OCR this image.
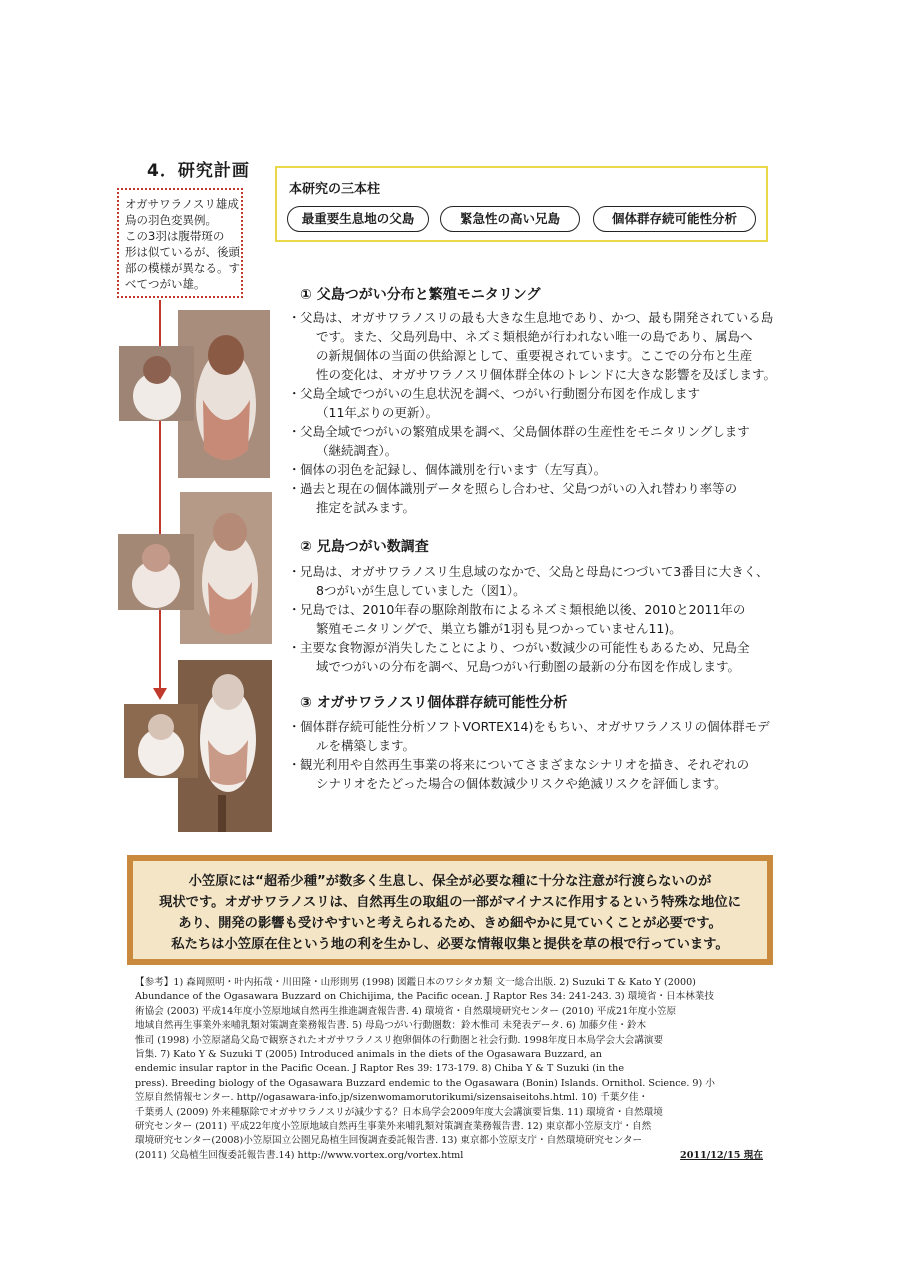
4．研究計画
オガサワラノスリ雄成
鳥の羽色変異例。
この3羽は腹帯斑の
形は似ているが、後頭
部の模様が異なる。す
べてつがい雄。
本研究の三本柱
最重要生息地の父島	緊急性の高い兄島	個体群存続可能性分析
① 父島つがい分布と繁殖モニタリング
・ 父島は、オガサワラノスリの最も大きな生息地であり、かつ、最も開発されている島
です。また、父島列島中、ネズミ類根絶が行われない唯一の島であり、属島へ
の新規個体の当面の供給源として、重要視されています。ここでの分布と生産
性の変化は、オガサワラノスリ個体群全体のトレンドに大きな影響を及ぼします。
・ 父島全域でつがいの生息状況を調べ、つがい行動圏分布図を作成します
（11年ぶりの更新）。
・ 父島全域でつがいの繁殖成果を調べ、父島個体群の生産性をモニタリングします
（継続調査）。
・ 個体の羽色を記録し、個体識別を行います（左写真）。
・ 過去と現在の個体識別データを照らし合わせ、父島つがいの入れ替わり率等の
推定を試みます。
② 兄島つがい数調査
・ 兄島は、オガサワラノスリ生息域のなかで、父島と母島につづいて3番目に大きく、
8つがいが生息していました（図1）。
・ 兄島では、2010年春の駆除剤散布によるネズミ類根絶以後、2010と2011年の
繁殖モニタリングで、巣立ち雛が1羽も見つかっていません11)。
・ 主要な食物源が消失したことにより、つがい数減少の可能性もあるため、兄島全
域でつがいの分布を調べ、兄島つがい行動圏の最新の分布図を作成します。
③ オガサワラノスリ個体群存続可能性分析
・ 個体群存続可能性分析ソフトVORTEX14)をもちい、オガサワラノスリの個体群モデ
ルを構築します。
・ 観光利用や自然再生事業の将来についてさまざまなシナリオを描き、それぞれの
シナリオをたどった場合の個体数減少リスクや絶滅リスクを評価します。
小笠原には“超希少種”が数多く生息し、保全が必要な種に十分な注意が行渡らないのが
現状です。オガサワラノスリは、自然再生の取組の一部がマイナスに作用するという特殊な地位に
あり、開発の影響も受けやすいと考えられるため、きめ細やかに見ていくことが必要です。
私たちは小笠原在住という地の利を生かし、必要な情報収集と提供を草の根で行っています。
【参考】1) 森岡照明・叶内拓哉・川田隆・山形則男 (1998) 図鑑日本のワシタカ類 文一総合出版. 2) Suzuki T & Kato Y (2000)
Abundance of the Ogasawara Buzzard on Chichijima, the Pacific ocean. J Raptor Res 34: 241-243. 3) 環境省・日本林業技
術協会 (2003) 平成14年度小笠原地域自然再生推進調査報告書. 4) 環境省・自然環境研究センター (2010) 平成21年度小笠原
地域自然再生事業外来哺乳類対策調査業務報告書. 5) 母島つがい行動圏数：鈴木惟司 未発表データ. 6) 加藤夕佳・鈴木
惟司 (1998) 小笠原諸島父島で観察されたオガサワラノスリ抱卵個体の行動圏と社会行動. 1998年度日本鳥学会大会講演要
旨集. 7) Kato Y & Suzuki T (2005) Introduced animals in the diets of the Ogasawara Buzzard, an
endemic insular raptor in the Pacific Ocean. J Raptor Res 39: 173-179. 8) Chiba Y & T Suzuki (in the
press). Breeding biology of the Ogasawara Buzzard endemic to the Ogasawara (Bonin) Islands. Ornithol. Science. 9) 小
笠原自然情報センター. http//ogasawara-info.jp/sizenwomamorutorikumi/sizensaiseitohs.html. 10) 千葉夕佳・
千葉勇人 (2009) 外来種駆除でオガサワラノスリが減少する？日本鳥学会2009年度大会講演要旨集. 11) 環境省・自然環境
研究センター (2011) 平成22年度小笠原地域自然再生事業外来哺乳類対策調査業務報告書. 12) 東京都小笠原支庁・自然
環境研究センター(2008)小笠原国立公園兄島植生回復調査委託報告書. 13) 東京都小笠原支庁・自然環境研究センター
(2011) 父島植生回復委託報告書.14) http://www.vortex.org/vortex.html	2011/12/15 現在
